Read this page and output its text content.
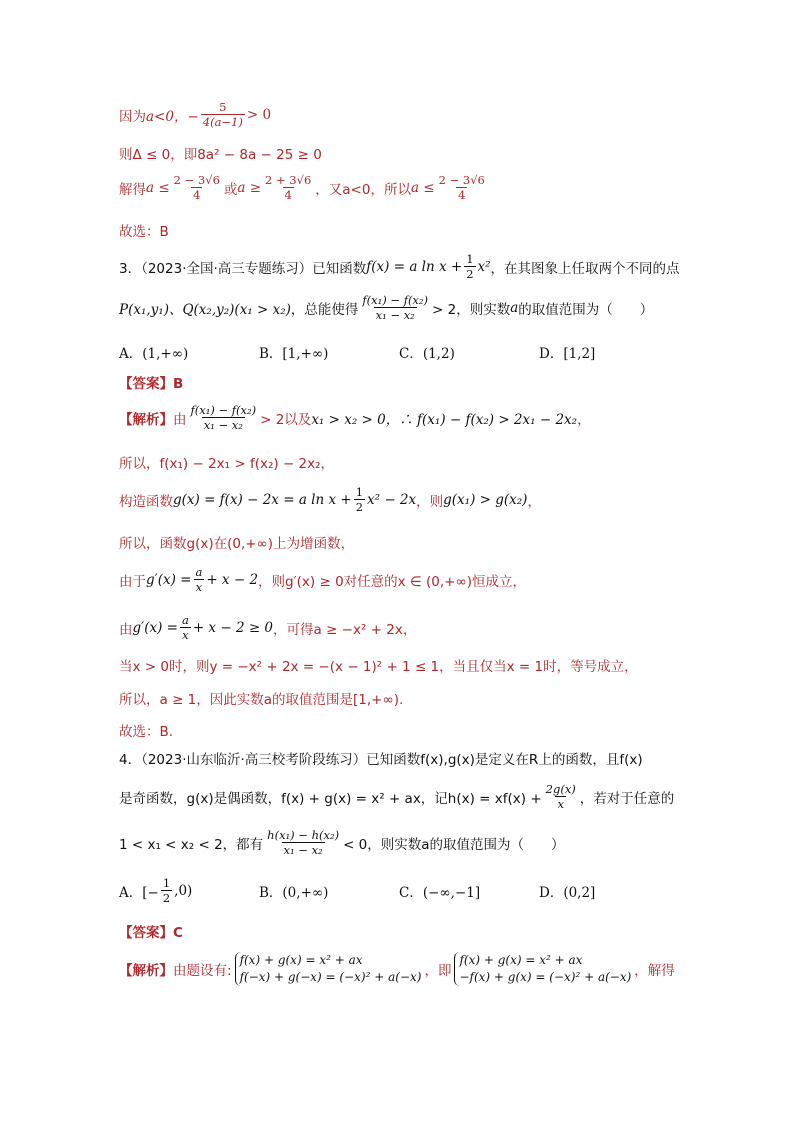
因为 a<0，− $\frac{5}{4(a-1)} > 0$
则Δ ≤ 0，即8a² − 8a − 25 ≥ 0
解得 $a \le \frac{2 - 3√6}{4}$ 或 $a \ge \frac{2 + 3√6}{4}$ ，又a<0，所以 $a \le \frac{2 - 3√6}{4}$
故选：B
3．（2023·全国·高三专题练习）已知函数 f(x) = a $\ln x + \frac{1}{2} x^2$ ，在其图象上任取两个不同的点
P(x₁,y₁)、Q(x₂,y₂)(x₁ > x₂) ，总能使得 $\frac{\text{f(x₁) − f(x₂)}}{\text{x₁ − x₂}} > 2$，则实数 a 的取值范围为（　　）
A．(1,+∞)	B．[1,+∞)	C．(1,2)	D．[1,2]
【答案】B
【解析】 由 $\frac{\text{f(x₁) − f(x₂)}}{\text{x₁ − x₂}} > 2$以及 x₁ > x₂ > 0，∴ f(x₁) − f(x₂) > 2x₁ − 2x₂ ，
所以，f(x₁) − 2x₁ > f(x₂) − 2x₂，
构造函数 g(x) = f(x) − 2x = a $\ln x + \frac{1}{2} x^2 - 2x$ ，则 g(x₁) > g(x₂) ，
所以，函数g(x)在(0,+∞)上为增函数，
由于 $g'(x) = \frac{a}{x} + x - 2$ ，则g′(x) ≥ 0对任意的x ∈ (0,+∞)恒成立，
由 $g'(x) = \frac{a}{x} + x - 2 \ge 0$ ，可得a ≥ −x² + 2x，
当x > 0时，则y = −x² + 2x = −(x − 1)² + 1 ≤ 1，当且仅当x = 1时，等号成立，
所以，a ≥ 1，因此实数a的取值范围是[1,+∞).
故选：B.
4．（2023·山东临沂·高三校考阶段练习）已知函数f(x),g(x)是定义在R上的函数，且f(x)
是奇函数，g(x)是偶函数，f(x) + g(x) = x² + ax，记$h(x) = xf(x) + \frac{2g(x)}{x}$ ，若对于任意的
1 < x₁ < x₂ < 2，都有 $\frac{\text{h(x₁) − h(x₂)}}{\text{x₁ − x₂}} < 0$，则实数a的取值范围为（　　）
A．[− $\frac{1}{2} ,0$)	B．(0,+∞)	C．(−∞,−1]	D．(0,2]
【答案】C
【解析】 由题设有:
f(x) + g(x) = x² + ax
f(−x) + g(−x) = (−x)² + a(−x) ，即
f(x) + g(x) = x² + ax
−f(x) + g(x) = (−x)² + a(−x) ，解得
